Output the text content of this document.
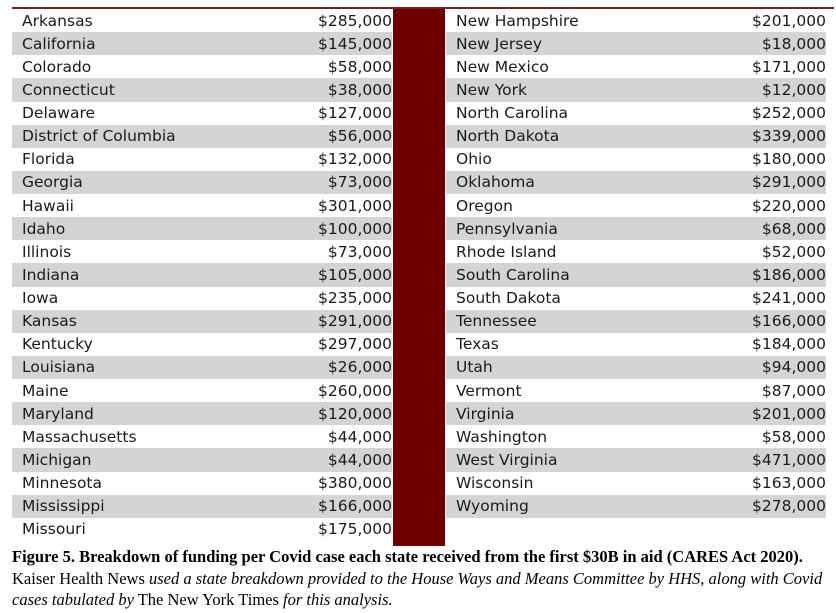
Arkansas	$285,000
California	$145,000
Colorado	$58,000
Connecticut	$38,000
Delaware	$127,000
District of Columbia	$56,000
Florida	$132,000
Georgia	$73,000
Hawaii	$301,000
Idaho	$100,000
Illinois	$73,000
Indiana	$105,000
Iowa	$235,000
Kansas	$291,000
Kentucky	$297,000
Louisiana	$26,000
Maine	$260,000
Maryland	$120,000
Massachusetts	$44,000
Michigan	$44,000
Minnesota	$380,000
Mississippi	$166,000
Missouri	$175,000
New Hampshire	$201,000
New Jersey	$18,000
New Mexico	$171,000
New York	$12,000
North Carolina	$252,000
North Dakota	$339,000
Ohio	$180,000
Oklahoma	$291,000
Oregon	$220,000
Pennsylvania	$68,000
Rhode Island	$52,000
South Carolina	$186,000
South Dakota	$241,000
Tennessee	$166,000
Texas	$184,000
Utah	$94,000
Vermont	$87,000
Virginia	$201,000
Washington	$58,000
West Virginia	$471,000
Wisconsin	$163,000
Wyoming	$278,000
Figure 5. Breakdown of funding per Covid case each state received from the first $30B in aid (CARES Act 2020). Kaiser Health News used a state breakdown provided to the House Ways and Means Committee by HHS, along with Covid cases tabulated by The New York Times for this analysis.
